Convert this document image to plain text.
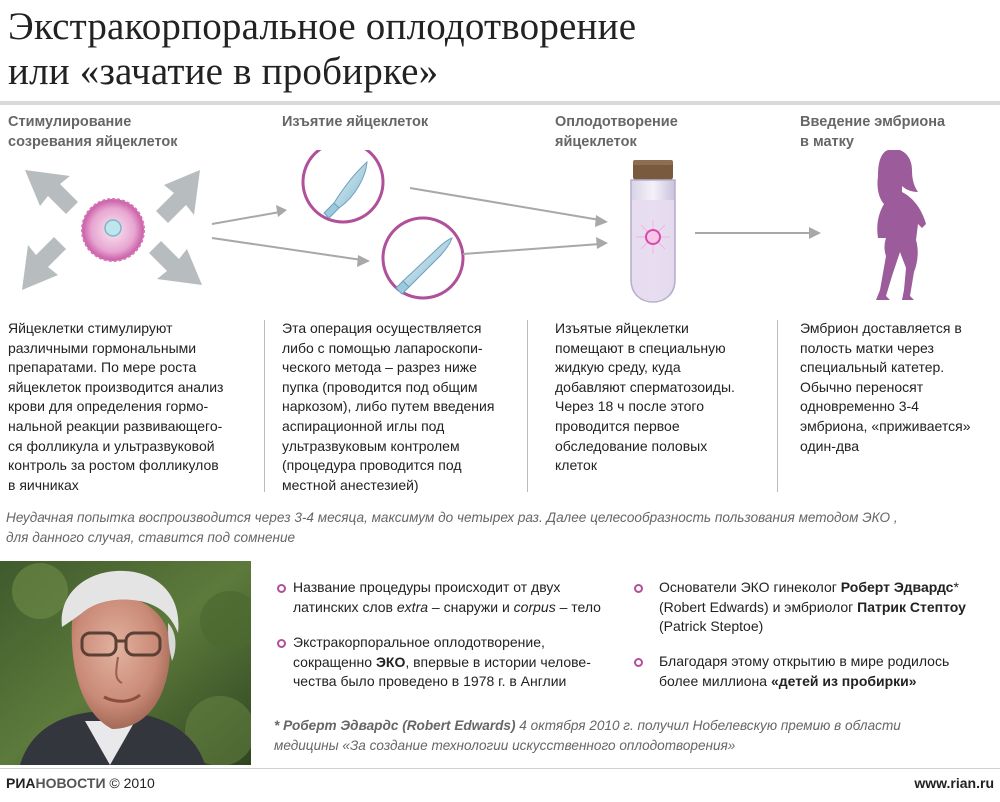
Экстракорпоральное оплодотворение
или «зачатие в пробирке»
Стимулирование
созревания яйцеклеток
Изъятие яйцеклеток	Оплодотворение
яйцеклеток
Введение эмбриона
в матку
Яйцеклетки стимулируют
различными гормональными
препаратами. По мере роста
яйцеклеток производится анализ
крови для определения гормо-
нальной реакции развивающего-
ся фолликула и ультразвуковой
контроль за ростом фолликулов
в яичниках
Эта операция осуществляется
либо с помощью лапароскопи-
ческого метода – разрез ниже
пупка (проводится под общим
наркозом), либо путем введения
аспирационной иглы под
ультразвуковым контролем
(процедура проводится под
местной анестезией)
Изъятые яйцеклетки
помещают в специальную
жидкую среду, куда
добавляют сперматозоиды.
Через 18 ч после этого
проводится первое
обследование половых
клеток
Эмбрион доставляется в
полость матки через
специальный катетер.
Обычно переносят
одновременно 3-4
эмбриона, «приживается»
один-два
Неудачная попытка воспроизводится через 3-4 месяца, максимум до четырех раз. Далее целесообразность пользования методом ЭКО ,
для данного случая, ставится под сомнение
Название процедуры происходит от двух
латинских слов extra – снаружи и corpus – тело
Экстракорпоральное оплодотворение,
сокращенно ЭКО, впервые в истории челове-
чества было проведено в 1978 г. в Англии
Основатели ЭКО гинеколог Роберт Эдвардс*
(Robert Edwards) и эмбриолог Патрик Стептоу
(Patrick Steptoe)
Благодаря этому открытию в мире родилось
более миллиона «детей из пробирки»
* Роберт Эдвардс (Robert Edwards) 4 октября 2010 г. получил Нобелевскую премию в области
медицины «За создание технологии искусственного оплодотворения»
РИАНОВОСТИ © 2010	www.rian.ru
